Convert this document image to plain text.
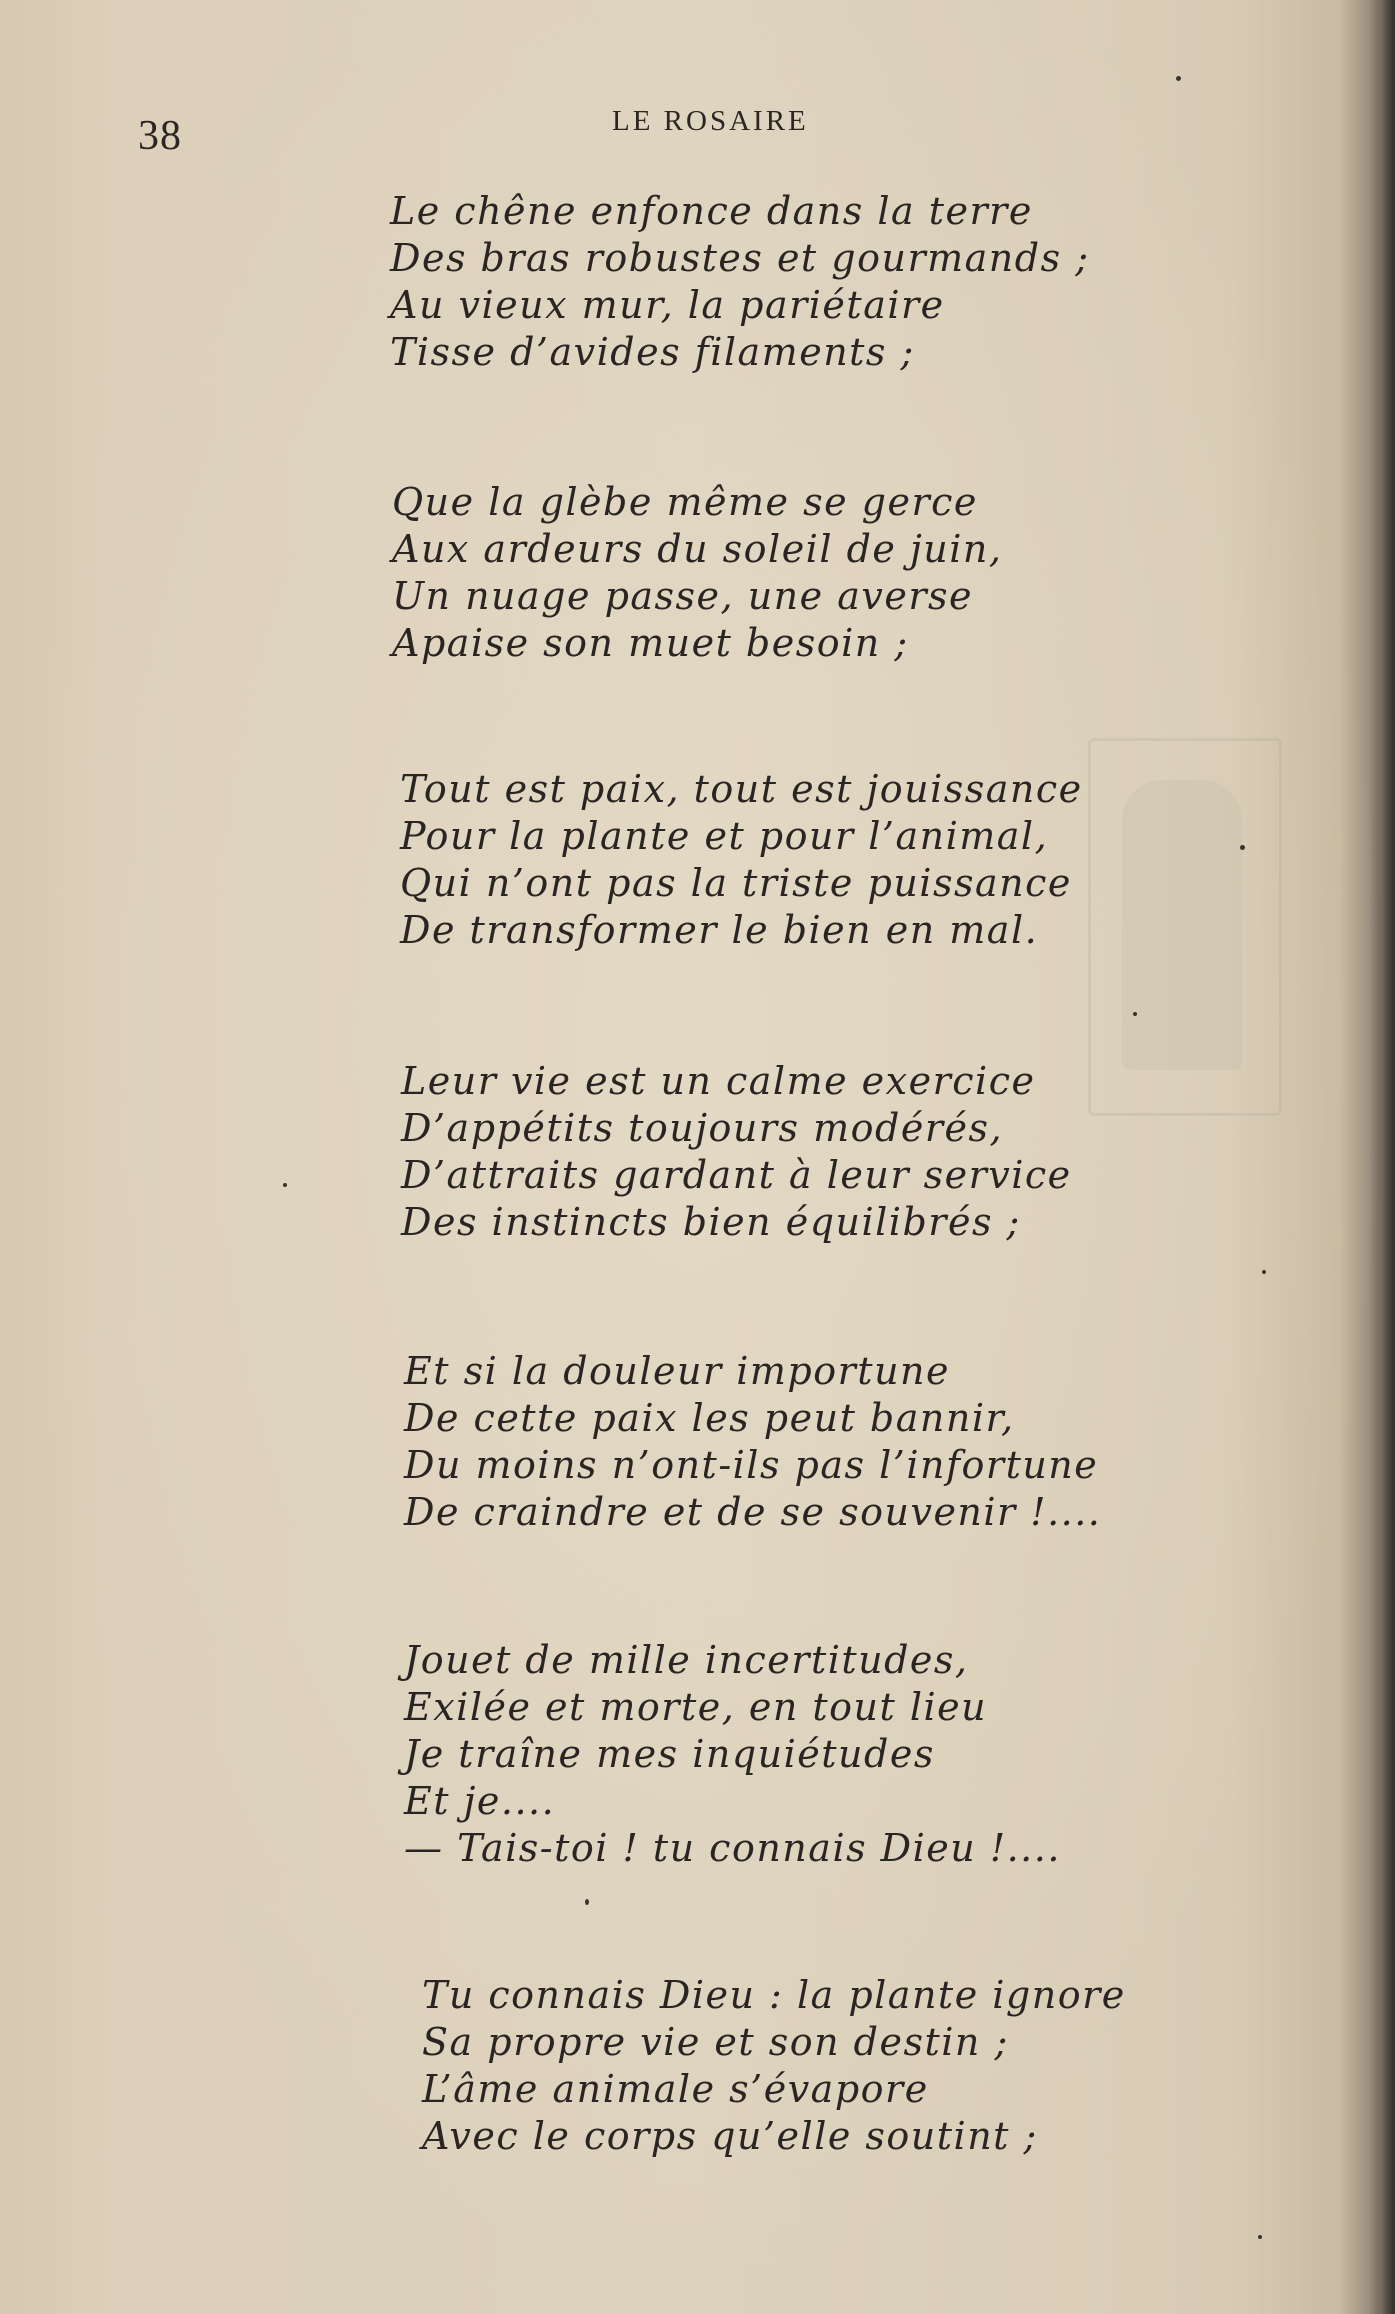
38	LE ROSAIRE
Le chêne enfonce dans la terre
Des bras robustes et gourmands ;
Au vieux mur, la pariétaire
Tisse d’avides filaments ;
Que la glèbe même se gerce
Aux ardeurs du soleil de juin,
Un nuage passe, une averse
Apaise son muet besoin ;
Tout est paix, tout est jouissance
Pour la plante et pour l’animal,
Qui n’ont pas la triste puissance
De transformer le bien en mal.
Leur vie est un calme exercice
D’appétits toujours modérés,
D’attraits gardant à leur service
Des instincts bien équilibrés ;
Et si la douleur importune
De cette paix les peut bannir,
Du moins n’ont-ils pas l’infortune
De craindre et de se souvenir !....
Jouet de mille incertitudes,
Exilée et morte, en tout lieu
Je traîne mes inquiétudes
Et je....
— Tais-toi ! tu connais Dieu !....
Tu connais Dieu : la plante ignore
Sa propre vie et son destin ;
L’âme animale s’évapore
Avec le corps qu’elle soutint ;
